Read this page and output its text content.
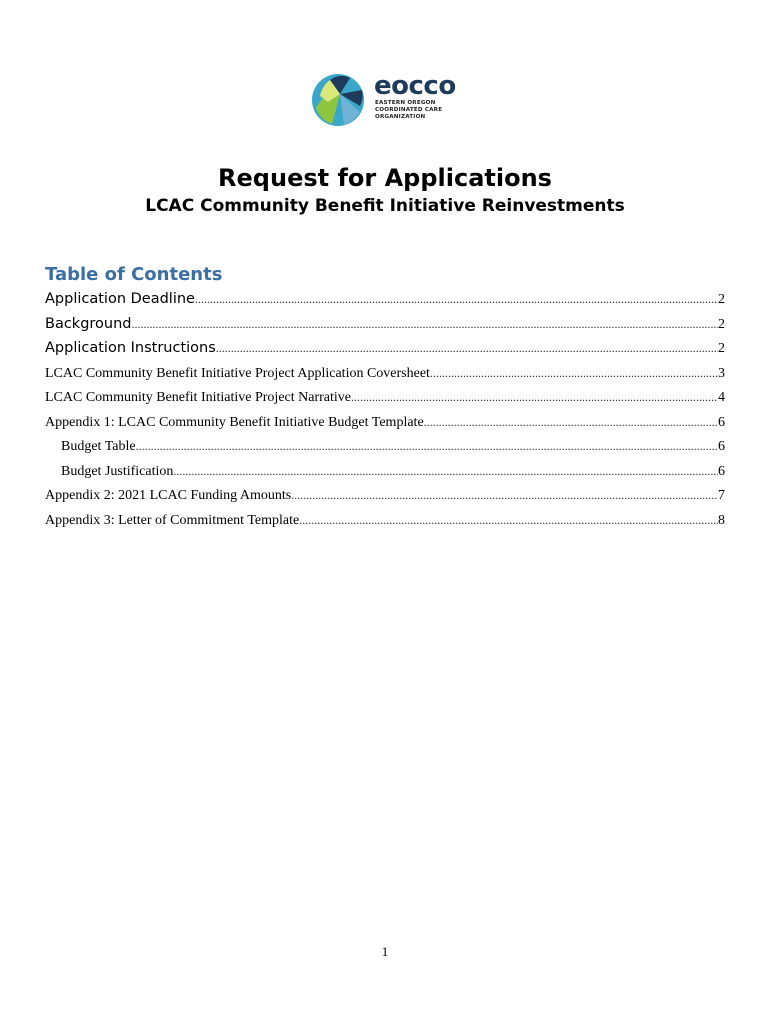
eocco
EASTERN OREGON
COORDINATED CARE
ORGANIZATION
Request for Applications
LCAC Community Benefit Initiative Reinvestments
Table of Contents
Application Deadline .....	2
Background .....	2
Application Instructions .....	2
LCAC Community Benefit Initiative Project Application Coversheet .....	3
LCAC Community Benefit Initiative Project Narrative .....	4
Appendix 1: LCAC Community Benefit Initiative Budget Template .....	6
Budget Table .....	6
Budget Justification .....	6
Appendix 2: 2021 LCAC Funding Amounts .....	7
Appendix 3: Letter of Commitment Template .....	8
1
